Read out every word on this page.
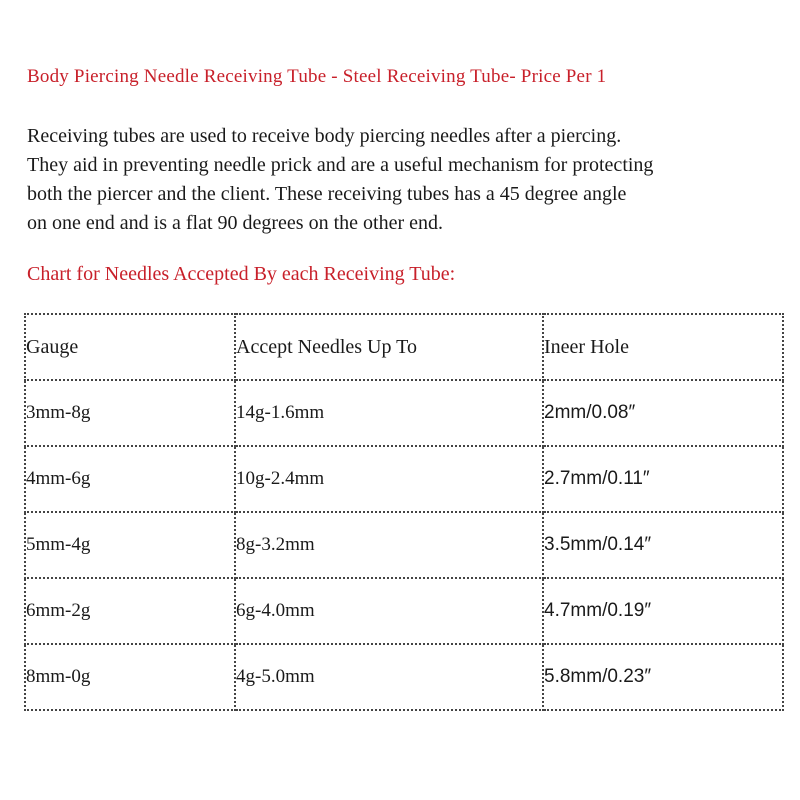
Body Piercing Needle Receiving Tube - Steel Receiving Tube- Price Per 1
Receiving tubes are used to receive body piercing needles after a piercing.
They aid in preventing needle prick and are a useful mechanism for protecting
both the piercer and the client. These receiving tubes has a 45 degree angle
on one end and is a flat 90 degrees on the other end.
Chart for Needles Accepted By each Receiving Tube:
Gauge	Accept Needles Up To	Ineer Hole
3mm-8g	14g-1.6mm	2mm/0.08″
4mm-6g	10g-2.4mm	2.7mm/0.11″
5mm-4g	8g-3.2mm	3.5mm/0.14″
6mm-2g	6g-4.0mm	4.7mm/0.19″
8mm-0g	4g-5.0mm	5.8mm/0.23″
